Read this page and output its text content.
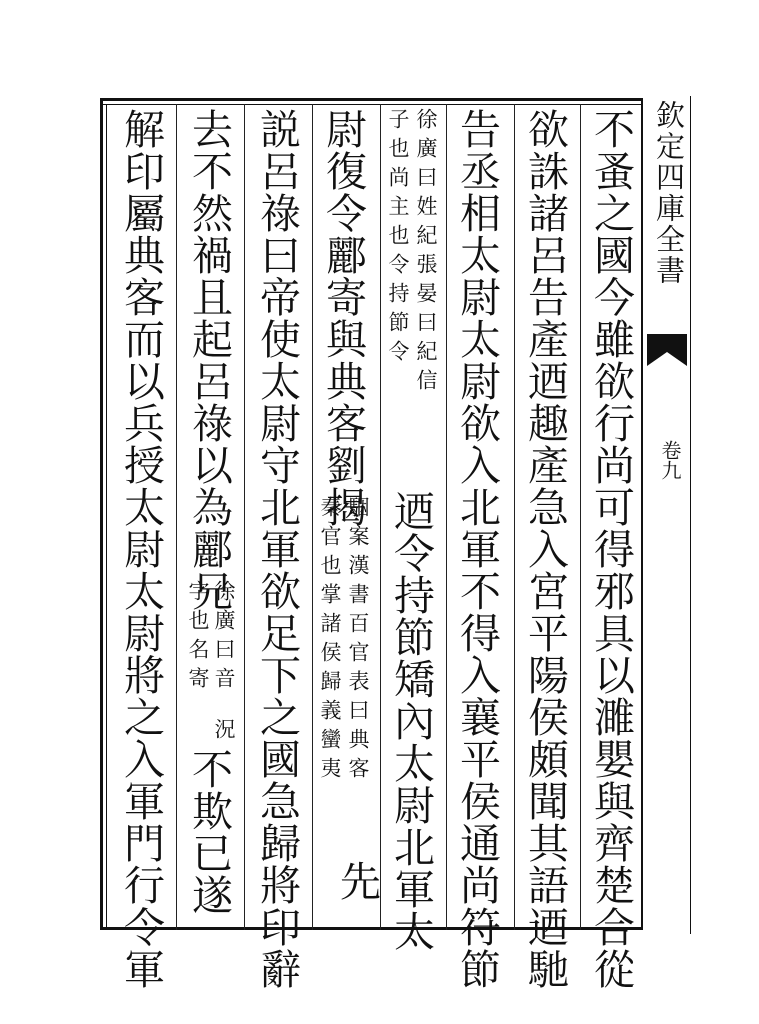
欽定四庫全書
卷九
不蚤之國今雖欲行尚可得邪具以濉嬰與齊楚合從
欲誅諸呂告產迺趣產急入宮平陽侯頗聞其語迺馳
告丞相太尉太尉欲入北軍不得入襄平侯通尚符節
徐廣曰姓紀張晏曰紀信
子也尚主也令持節令
迺令持節矯內太尉北軍太
尉復令酈寄與典客劉揭
駰案漢書百官表曰典客
秦官也掌諸侯歸義蠻夷
先
説呂祿曰帝使太尉守北軍欲足下之國急歸將印辭
去不然禍且起呂祿以為酈兄
徐廣曰音
字也名寄
況
不欺已遂
解印屬典客而以兵授太尉太尉將之入軍門行令軍
